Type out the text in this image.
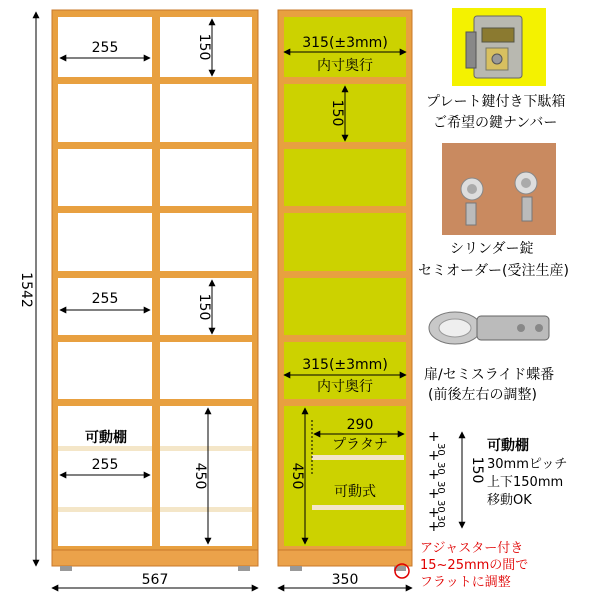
1542
567
255	150
255	150
可動棚
255	450
315(±3mm)
内寸奥行
150
315(±3mm)
内寸奥行
290
プラタナ
450
可動式
350
+
+
+
+
+
+
30
30
30
30
30
150
可動棚
30mmピッチ
上下150mm
移動OK
アジャスター付き
15~25mmの間で
フラットに調整
プレート鍵付き下駄箱
ご希望の鍵ナンバー
シリンダー錠
セミオーダー(受注生産)
扉/セミスライド蝶番
(前後左右の調整)
